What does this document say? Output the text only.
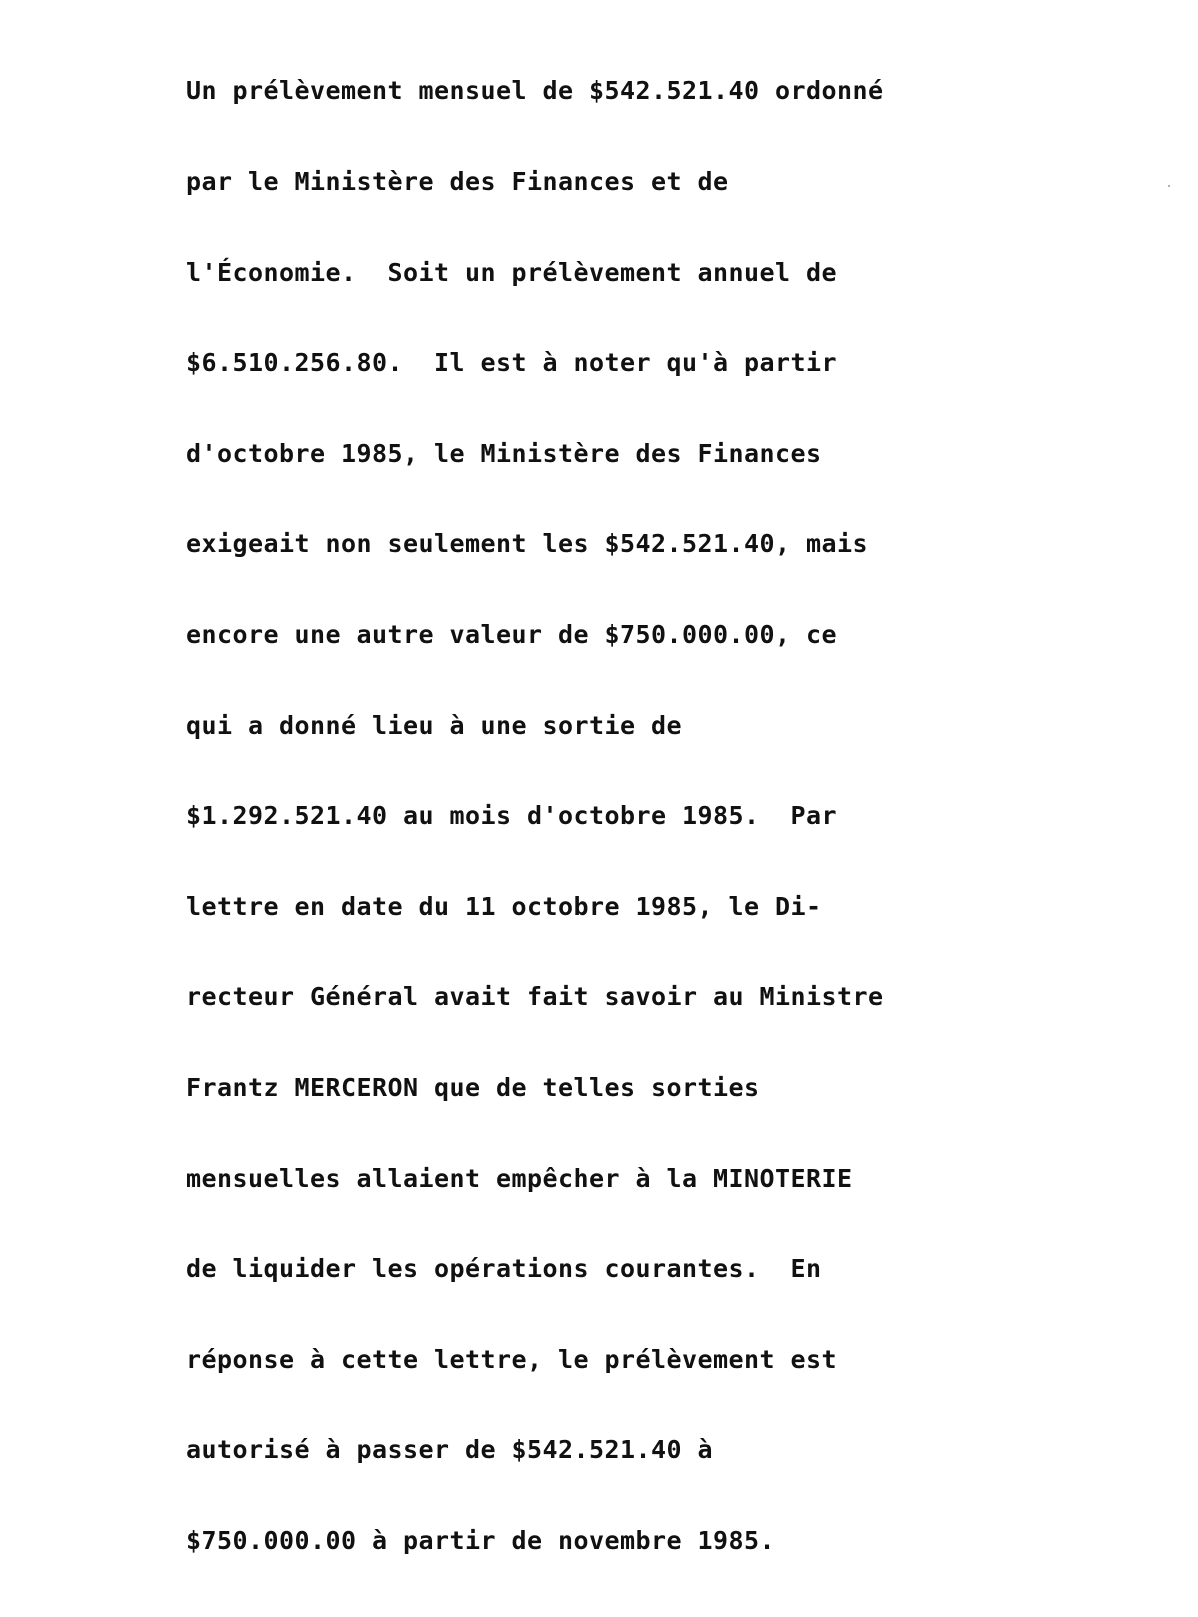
Un prélèvement mensuel de $542.521.40 ordonné

par le Ministère des Finances et de

l'Économie.  Soit un prélèvement annuel de

$6.510.256.80.  Il est à noter qu'à partir

d'octobre 1985, le Ministère des Finances

exigeait non seulement les $542.521.40, mais

encore une autre valeur de $750.000.00, ce

qui a donné lieu à une sortie de

$1.292.521.40 au mois d'octobre 1985.  Par

lettre en date du 11 octobre 1985, le Di-

recteur Général avait fait savoir au Ministre

Frantz MERCERON que de telles sorties

mensuelles allaient empêcher à la MINOTERIE

de liquider les opérations courantes.  En

réponse à cette lettre, le prélèvement est

autorisé à passer de $542.521.40 à

$750.000.00 à partir de novembre 1985.
